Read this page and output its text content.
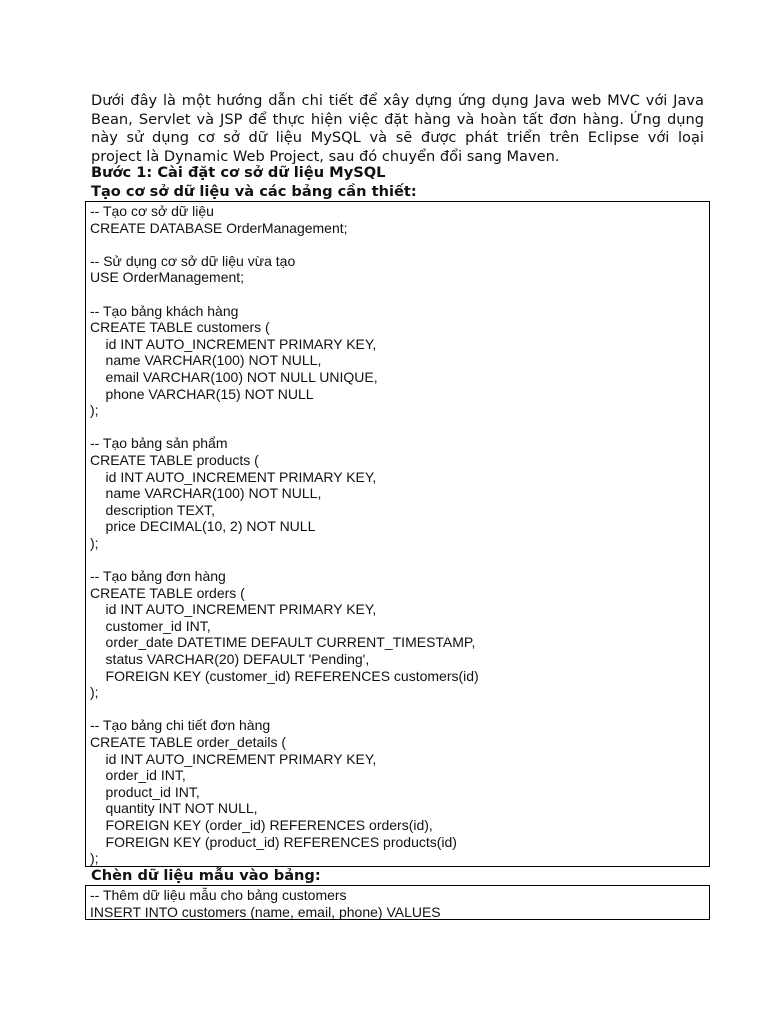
Dưới đây là một hướng dẫn chi tiết để xây dựng ứng dụng Java web MVC với Java
Bean, Servlet và JSP để thực hiện việc đặt hàng và hoàn tất đơn hàng. Ứng dụng
này sử dụng cơ sở dữ liệu MySQL và sẽ được phát triển trên Eclipse với loại
project là Dynamic Web Project, sau đó chuyển đổi sang Maven.
Bước 1: Cài đặt cơ sở dữ liệu MySQL
Tạo cơ sở dữ liệu và các bảng cần thiết:
-- Tạo cơ sở dữ liệu
CREATE DATABASE OrderManagement;
-- Sử dụng cơ sở dữ liệu vừa tạo
USE OrderManagement;
-- Tạo bảng khách hàng
CREATE TABLE customers (
id INT AUTO_INCREMENT PRIMARY KEY,
name VARCHAR(100) NOT NULL,
email VARCHAR(100) NOT NULL UNIQUE,
phone VARCHAR(15) NOT NULL
);
-- Tạo bảng sản phẩm
CREATE TABLE products (
id INT AUTO_INCREMENT PRIMARY KEY,
name VARCHAR(100) NOT NULL,
description TEXT,
price DECIMAL(10, 2) NOT NULL
);
-- Tạo bảng đơn hàng
CREATE TABLE orders (
id INT AUTO_INCREMENT PRIMARY KEY,
customer_id INT,
order_date DATETIME DEFAULT CURRENT_TIMESTAMP,
status VARCHAR(20) DEFAULT 'Pending',
FOREIGN KEY (customer_id) REFERENCES customers(id)
);
-- Tạo bảng chi tiết đơn hàng
CREATE TABLE order_details (
id INT AUTO_INCREMENT PRIMARY KEY,
order_id INT,
product_id INT,
quantity INT NOT NULL,
FOREIGN KEY (order_id) REFERENCES orders(id),
FOREIGN KEY (product_id) REFERENCES products(id)
);
Chèn dữ liệu mẫu vào bảng:
-- Thêm dữ liệu mẫu cho bảng customers
INSERT INTO customers (name, email, phone) VALUES
